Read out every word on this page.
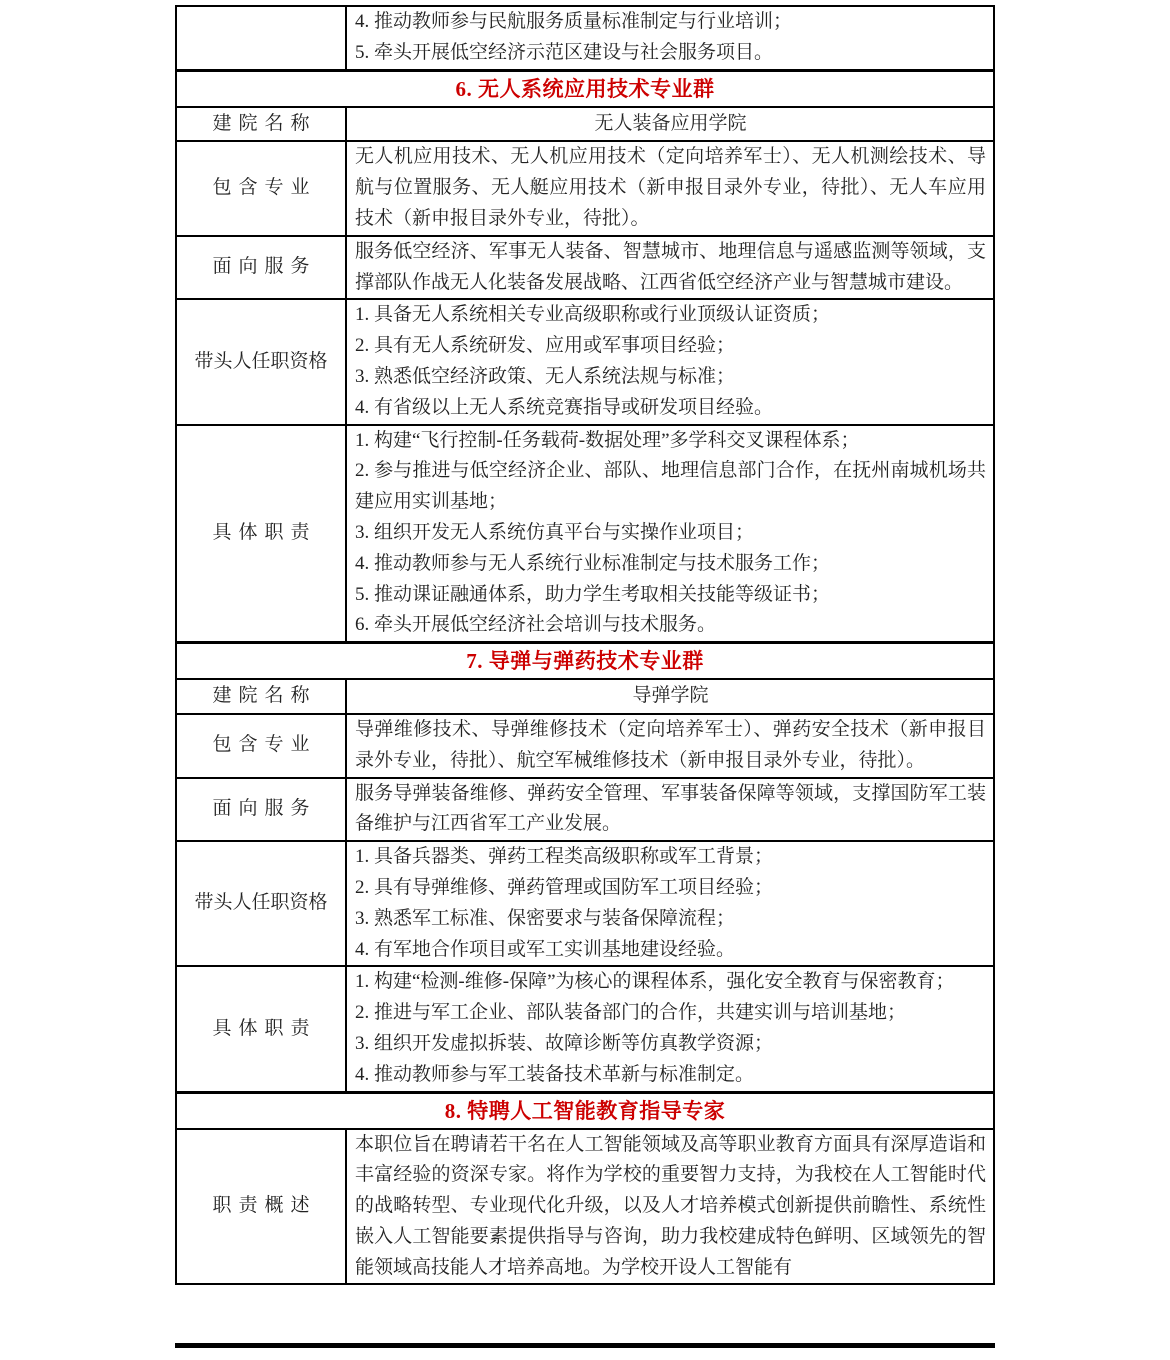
4. 推动教师参与民航服务质量标准制定与行业培训；
5. 牵头开展低空经济示范区建设与社会服务项目。
6. 无人系统应用技术专业群
建院名称	无人装备应用学院
包含专业
无人机应用技术、无人机应用技术（定向培养军士）、无人机测绘技术、导航与位置服务、无人艇应用技术（新申报目录外专业，待批）、无人车应用技术（新申报目录外专业，待批）。
面向服务
服务低空经济、军事无人装备、智慧城市、地理信息与遥感监测等领域，支撑部队作战无人化装备发展战略、江西省低空经济产业与智慧城市建设。
带头人任职资格
1. 具备无人系统相关专业高级职称或行业顶级认证资质；
2. 具有无人系统研发、应用或军事项目经验；
3. 熟悉低空经济政策、无人系统法规与标准；
4. 有省级以上无人系统竞赛指导或研发项目经验。
具体职责
1. 构建“飞行控制-任务载荷-数据处理”多学科交叉课程体系；
2. 参与推进与低空经济企业、部队、地理信息部门合作，在抚州南城机场共建应用实训基地；
3. 组织开发无人系统仿真平台与实操作业项目；
4. 推动教师参与无人系统行业标准制定与技术服务工作；
5. 推动课证融通体系，助力学生考取相关技能等级证书；
6. 牵头开展低空经济社会培训与技术服务。
7. 导弹与弹药技术专业群
建院名称	导弹学院
包含专业
导弹维修技术、导弹维修技术（定向培养军士）、弹药安全技术（新申报目录外专业，待批）、航空军械维修技术（新申报目录外专业，待批）。
面向服务
服务导弹装备维修、弹药安全管理、军事装备保障等领域，支撑国防军工装备维护与江西省军工产业发展。
带头人任职资格
1. 具备兵器类、弹药工程类高级职称或军工背景；
2. 具有导弹维修、弹药管理或国防军工项目经验；
3. 熟悉军工标准、保密要求与装备保障流程；
4. 有军地合作项目或军工实训基地建设经验。
具体职责
1. 构建“检测-维修-保障”为核心的课程体系，强化安全教育与保密教育；
2. 推进与军工企业、部队装备部门的合作，共建实训与培训基地；
3. 组织开发虚拟拆装、故障诊断等仿真教学资源；
4. 推动教师参与军工装备技术革新与标准制定。
8. 特聘人工智能教育指导专家
职责概述
本职位旨在聘请若干名在人工智能领域及高等职业教育方面具有深厚造诣和丰富经验的资深专家。将作为学校的重要智力支持，为我校在人工智能时代的战略转型、专业现代化升级，以及人才培养模式创新提供前瞻性、系统性嵌入人工智能要素提供指导与咨询，助力我校建成特色鲜明、区域领先的智能领域高技能人才培养高地。为学校开设人工智能有
